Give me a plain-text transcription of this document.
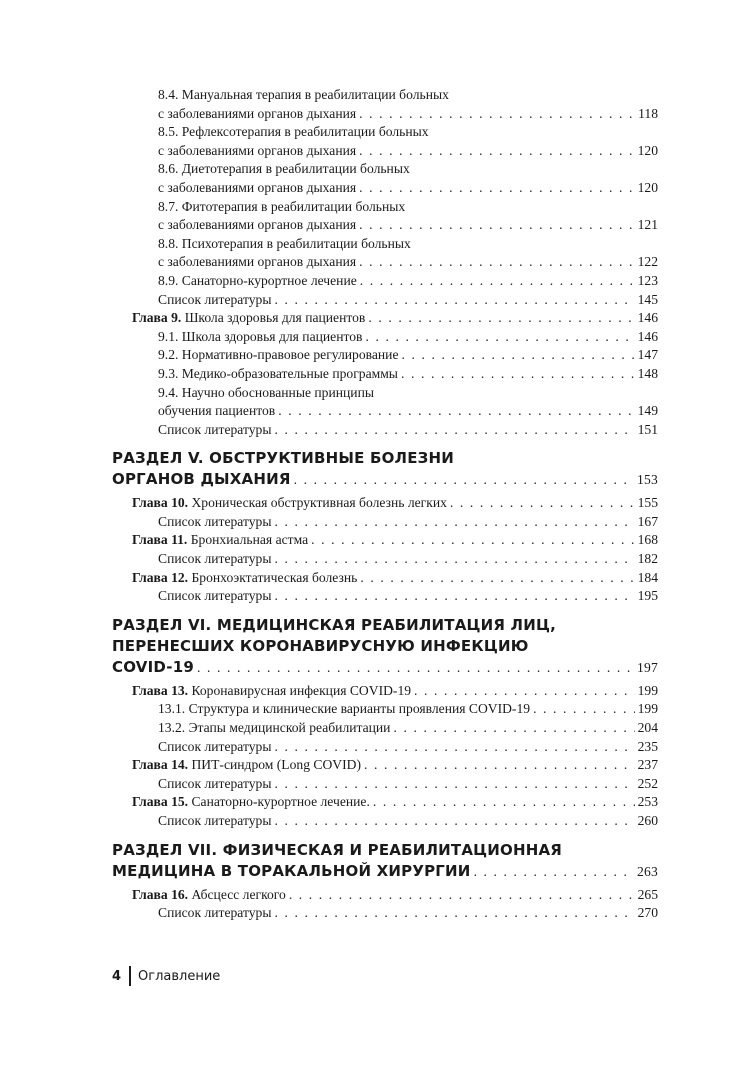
8.4. Мануальная терапия в реабилитации больных
с заболеваниями органов дыхания . . .	118
8.5. Рефлексотерапия в реабилитации больных
с заболеваниями органов дыхания . . .	120
8.6. Диетотерапия в реабилитации больных
с заболеваниями органов дыхания . . .	120
8.7. Фитотерапия в реабилитации больных
с заболеваниями органов дыхания . . .	121
8.8. Психотерапия в реабилитации больных
с заболеваниями органов дыхания . . .	122
8.9. Санаторно-курортное лечение . . .	123
Список литературы . . .	145
Глава 9. Школа здоровья для пациентов . . .	146
9.1. Школа здоровья для пациентов . . .	146
9.2. Нормативно-правовое регулирование . . .	147
9.3. Медико-образовательные программы . . .	148
9.4. Научно обоснованные принципы
обучения пациентов . . .	149
Список литературы . . .	151
РАЗДЕЛ V. ОБСТРУКТИВНЫЕ БОЛЕЗНИ
ОРГАНОВ ДЫХАНИЯ . . .	153
Глава 10. Хроническая обструктивная болезнь легких . . .	155
Список литературы . . .	167
Глава 11. Бронхиальная астма . . .	168
Список литературы . . .	182
Глава 12. Бронхоэктатическая болезнь . . .	184
Список литературы . . .	195
РАЗДЕЛ VI. МЕДИЦИНСКАЯ РЕАБИЛИТАЦИЯ ЛИЦ,
ПЕРЕНЕСШИХ КОРОНАВИРУСНУЮ ИНФЕКЦИЮ
COVID-19 . . .	197
Глава 13. Коронавирусная инфекция COVID-19 . . .	199
13.1. Структура и клинические варианты проявления COVID-19 . . .	199
13.2. Этапы медицинской реабилитации . . .	204
Список литературы . . .	235
Глава 14. ПИТ-синдром (Long COVID) . . .	237
Список литературы . . .	252
Глава 15. Санаторно-курортное лечение. . . .	253
Список литературы . . .	260
РАЗДЕЛ VII. ФИЗИЧЕСКАЯ И РЕАБИЛИТАЦИОННАЯ
МЕДИЦИНА В ТОРАКАЛЬНОЙ ХИРУРГИИ . . .	263
Глава 16. Абсцесс легкого . . .	265
Список литературы . . .	270
4 Оглавление
